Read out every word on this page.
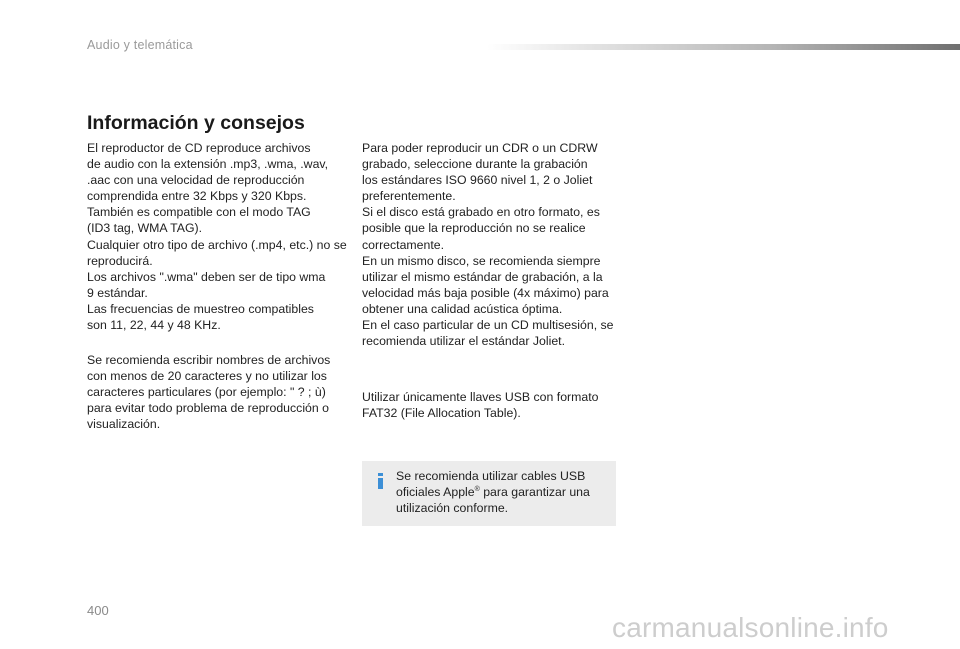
Audio y telemática
Información y consejos

El reproductor de CD reproduce archivos
de audio con la extensión .mp3, .wma, .wav,
.aac con una velocidad de reproducción
comprendida entre 32 Kbps y 320 Kbps.
También es compatible con el modo TAG
(ID3 tag, WMA TAG).
Cualquier otro tipo de archivo (.mp4, etc.) no se
reproducirá.
Los archivos ".wma" deben ser de tipo wma
9 estándar.
Las frecuencias de muestreo compatibles
son 11, 22, 44 y 48 KHz.

Se recomienda escribir nombres de archivos
con menos de 20 caracteres y no utilizar los
caracteres particulares (por ejemplo: " ? ; ù)
para evitar todo problema de reproducción o
visualización.

Para poder reproducir un CDR o un CDRW
grabado, seleccione durante la grabación
los estándares ISO 9660 nivel 1, 2 o Joliet
preferentemente.
Si el disco está grabado en otro formato, es
posible que la reproducción no se realice
correctamente.
En un mismo disco, se recomienda siempre
utilizar el mismo estándar de grabación, a la
velocidad más baja posible (4x máximo) para
obtener una calidad acústica óptima.
En el caso particular de un CD multisesión, se
recomienda utilizar el estándar Joliet.

Utilizar únicamente llaves USB con formato
FAT32 (File Allocation Table).

Se recomienda utilizar cables USB
oficiales Apple® para garantizar una
utilización conforme.

400
carmanualsonline.info
